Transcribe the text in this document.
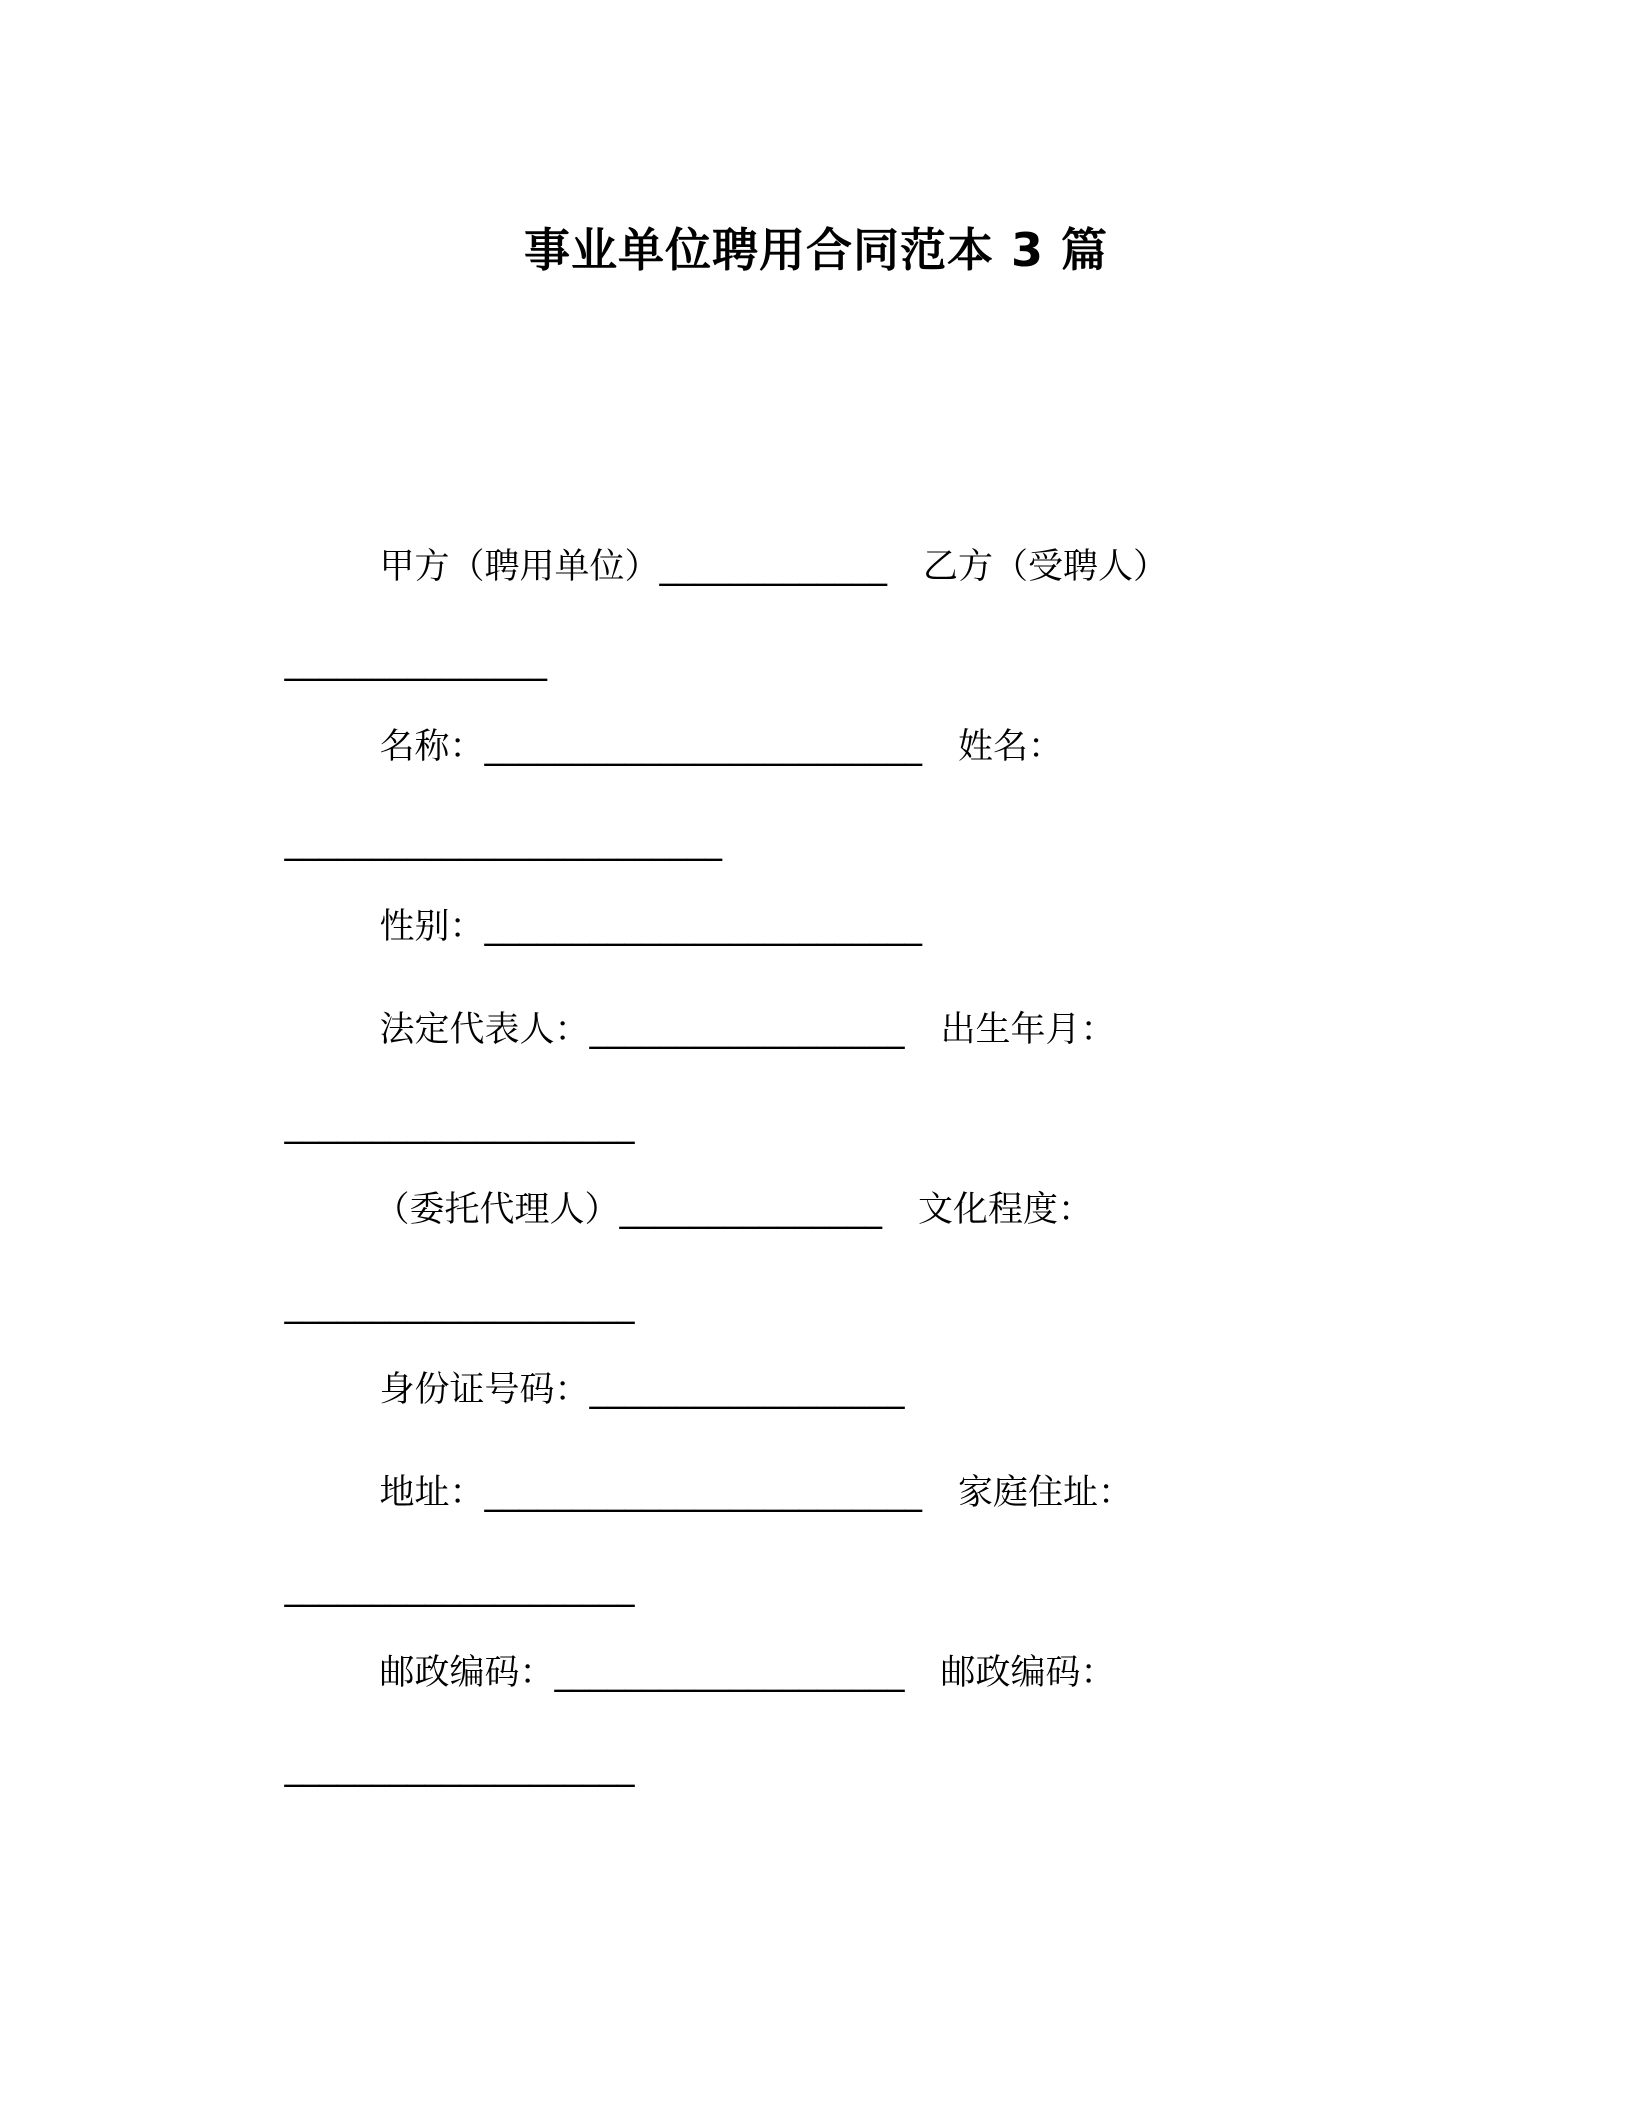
事业单位聘用合同范本 3 篇

甲方（聘用单位）_____________ 乙方（受聘人）

_______________

名称：_________________________ 姓名：

_________________________

性别：_________________________

法定代表人：__________________ 出生年月：

____________________

（委托代理人）_______________ 文化程度：

____________________

身份证号码：__________________

地址：_________________________ 家庭住址：

____________________

邮政编码：____________________ 邮政编码：

____________________
